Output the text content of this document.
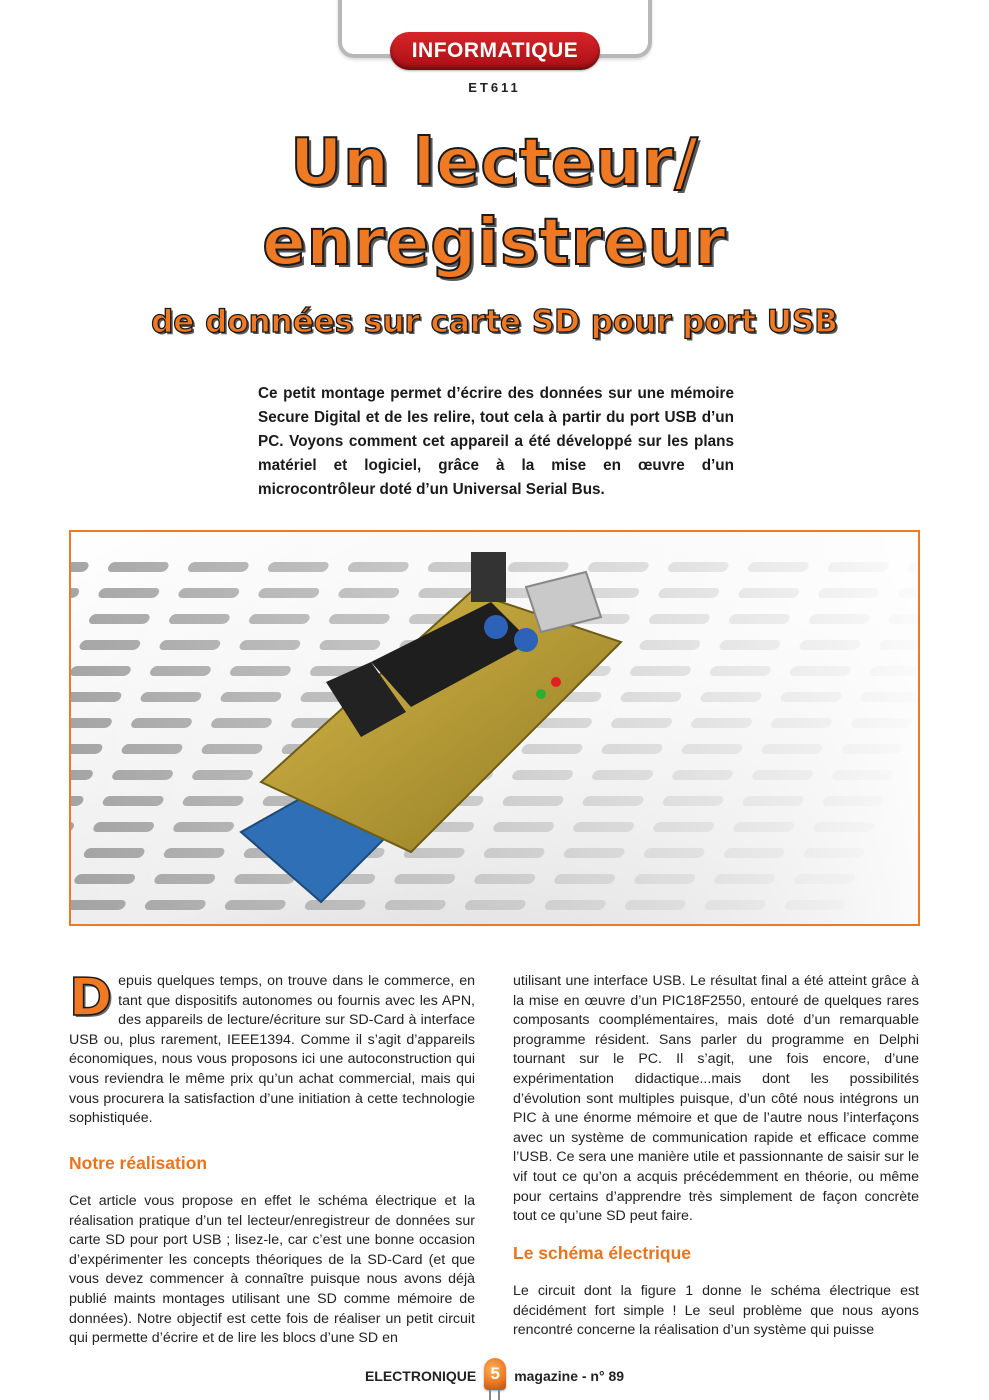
INFORMATIQUE
ET611
Un lecteur/
enregistreur
de données sur carte SD pour port USB
Ce petit montage permet d’écrire des données sur une mémoire Secure Digital et de les relire, tout cela à partir du port USB d’un PC. Voyons comment cet appareil a été développé sur les plans matériel et logiciel, grâce à la mise en œuvre d’un microcontrôleur doté d’un Universal Serial Bus.

Depuis quelques temps, on trouve dans le commerce, en tant que dispositifs autonomes ou fournis avec les APN, des appareils de lecture/écriture sur SD-Card à interface USB ou, plus rarement, IEEE1394. Comme il s’agit d’appareils économiques, nous vous proposons ici une autoconstruction qui vous reviendra le même prix qu’un achat commercial, mais qui vous procurera la satisfaction d’une initiation à cette technologie sophistiquée.

Notre réalisation

Cet article vous propose en effet le schéma électrique et la réalisation pratique d’un tel lecteur/enregistreur de données sur carte SD pour port USB ; lisez-le, car c’est une bonne occasion d’expérimenter les concepts théoriques de la SD-Card (et que vous devez commencer à connaître puisque nous avons déjà publié maints montages utilisant une SD comme mémoire de données). Notre objectif est cette fois de réaliser un petit circuit qui permette d’écrire et de lire les blocs d’une SD en

utilisant une interface USB. Le résultat final a été atteint grâce à la mise en œuvre d’un PIC18F2550, entouré de quelques rares composants coomplémentaires, mais doté d’un remarquable programme résident. Sans parler du programme en Delphi tournant sur le PC. Il s’agit, une fois encore, d’une expérimentation didactique...mais dont les possibilités d’évolution sont multiples puisque, d’un côté nous intégrons un PIC à une énorme mémoire et que de l’autre nous l’interfaçons avec un système de communication rapide et efficace comme l’USB. Ce sera une manière utile et passionnante de saisir sur le vif tout ce qu’on a acquis précédemment en théorie, ou même pour certains d’apprendre très simplement de façon concrète tout ce qu’une SD peut faire.

Le schéma électrique

Le circuit dont la figure 1 donne le schéma électrique est décidément fort simple ! Le seul problème que nous ayons rencontré concerne la réalisation d’un système qui puisse

ELECTRONIQUE 5 magazine - n° 89
